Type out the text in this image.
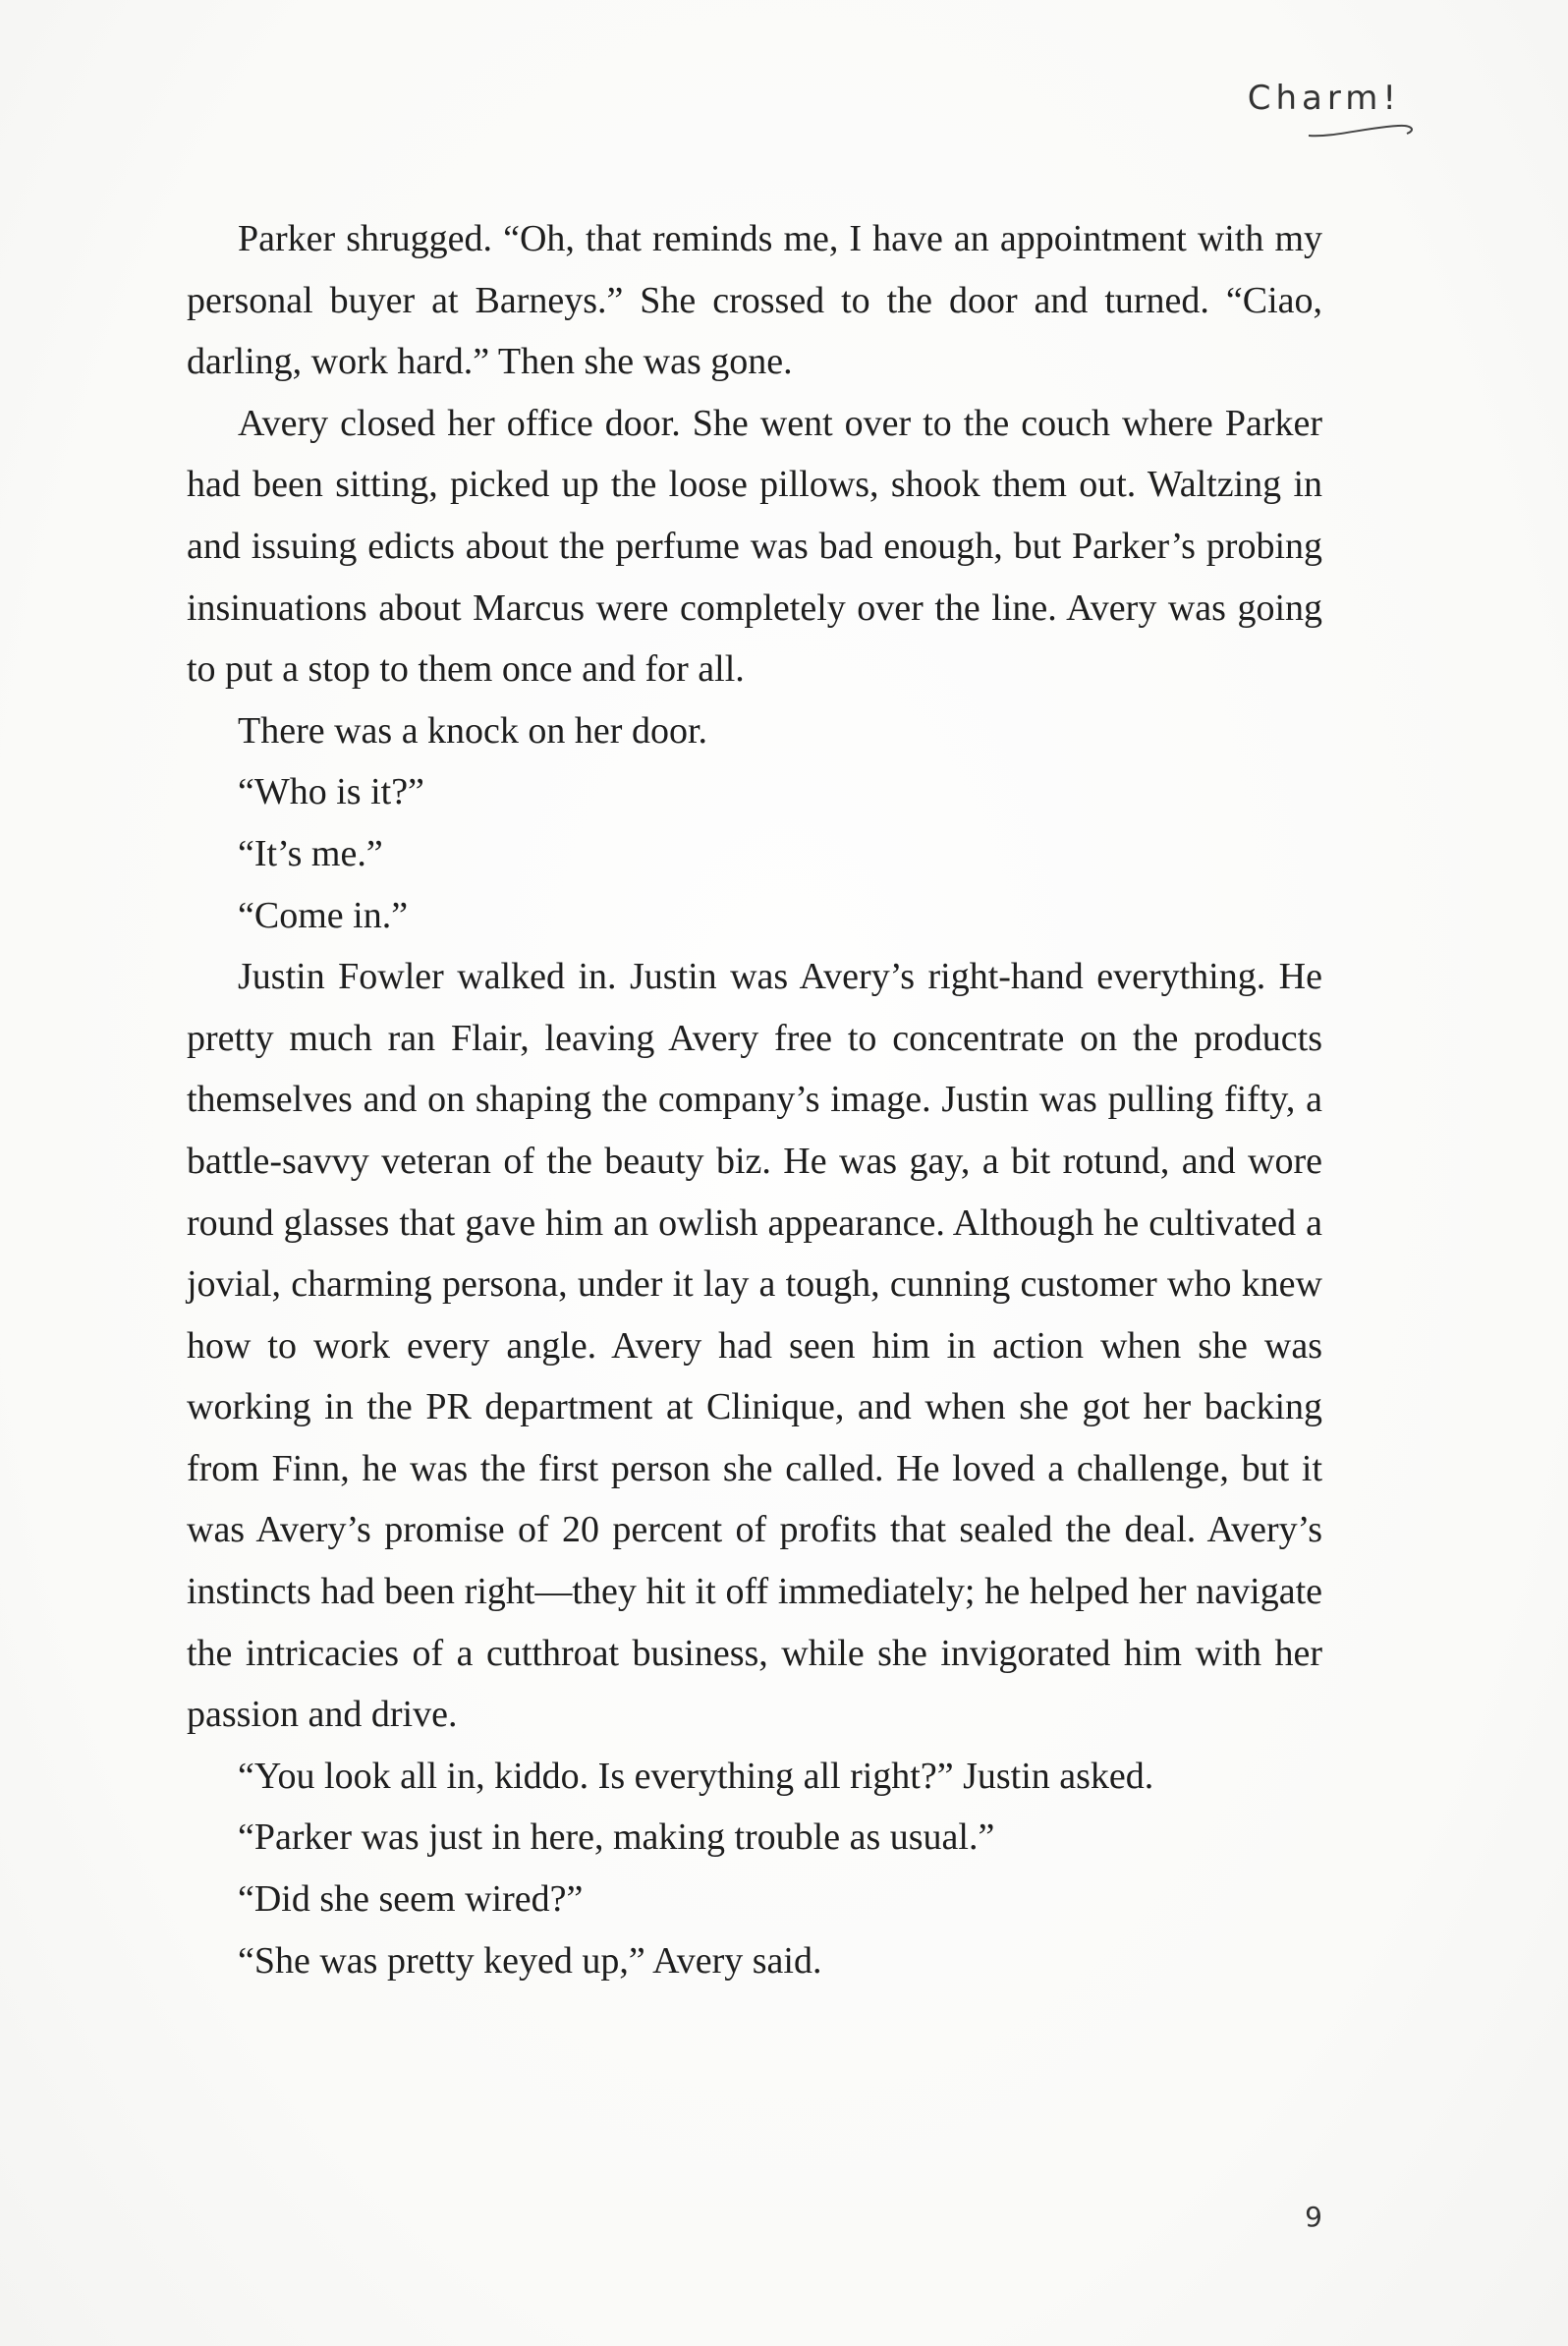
Charm!

Parker shrugged. “Oh, that reminds me, I have an appointment with my personal buyer at Barneys.” She crossed to the door and turned. “Ciao, darling, work hard.” Then she was gone.

Avery closed her office door. She went over to the couch where Parker had been sitting, picked up the loose pillows, shook them out. Waltzing in and issuing edicts about the perfume was bad enough, but Parker’s probing insinuations about Marcus were completely over the line. Avery was going to put a stop to them once and for all.

There was a knock on her door.

“Who is it?”

“It’s me.”

“Come in.”

Justin Fowler walked in. Justin was Avery’s right-hand everything. He pretty much ran Flair, leaving Avery free to concentrate on the products themselves and on shaping the company’s image. Justin was pulling fifty, a battle-savvy veteran of the beauty biz. He was gay, a bit rotund, and wore round glasses that gave him an owlish appearance. Although he cultivated a jovial, charming persona, under it lay a tough, cunning customer who knew how to work every angle. Avery had seen him in action when she was working in the PR department at Clinique, and when she got her backing from Finn, he was the first person she called. He loved a challenge, but it was Avery’s promise of 20 percent of profits that sealed the deal. Avery’s instincts had been right—they hit it off immediately; he helped her navigate the intricacies of a cutthroat business, while she invigorated him with her passion and drive.

“You look all in, kiddo. Is everything all right?” Justin asked.

“Parker was just in here, making trouble as usual.”

“Did she seem wired?”

“She was pretty keyed up,” Avery said.

9
